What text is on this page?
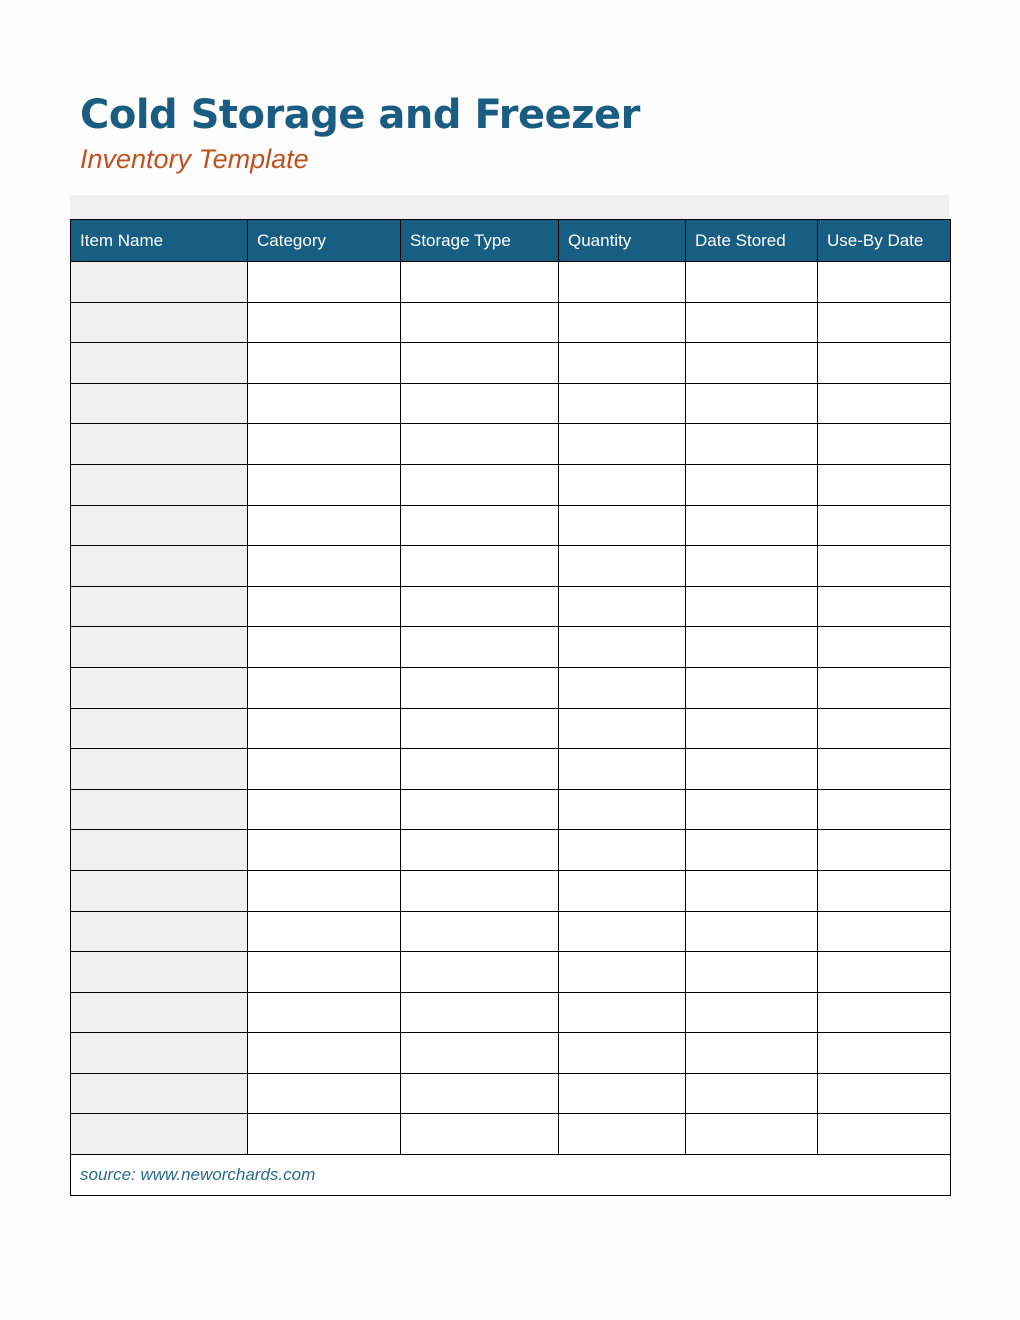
Cold Storage and Freezer

Inventory Template

Item Name	Category	Storage Type	Quantity	Date Stored	Use-By Date

source: www.neworchards.com					
